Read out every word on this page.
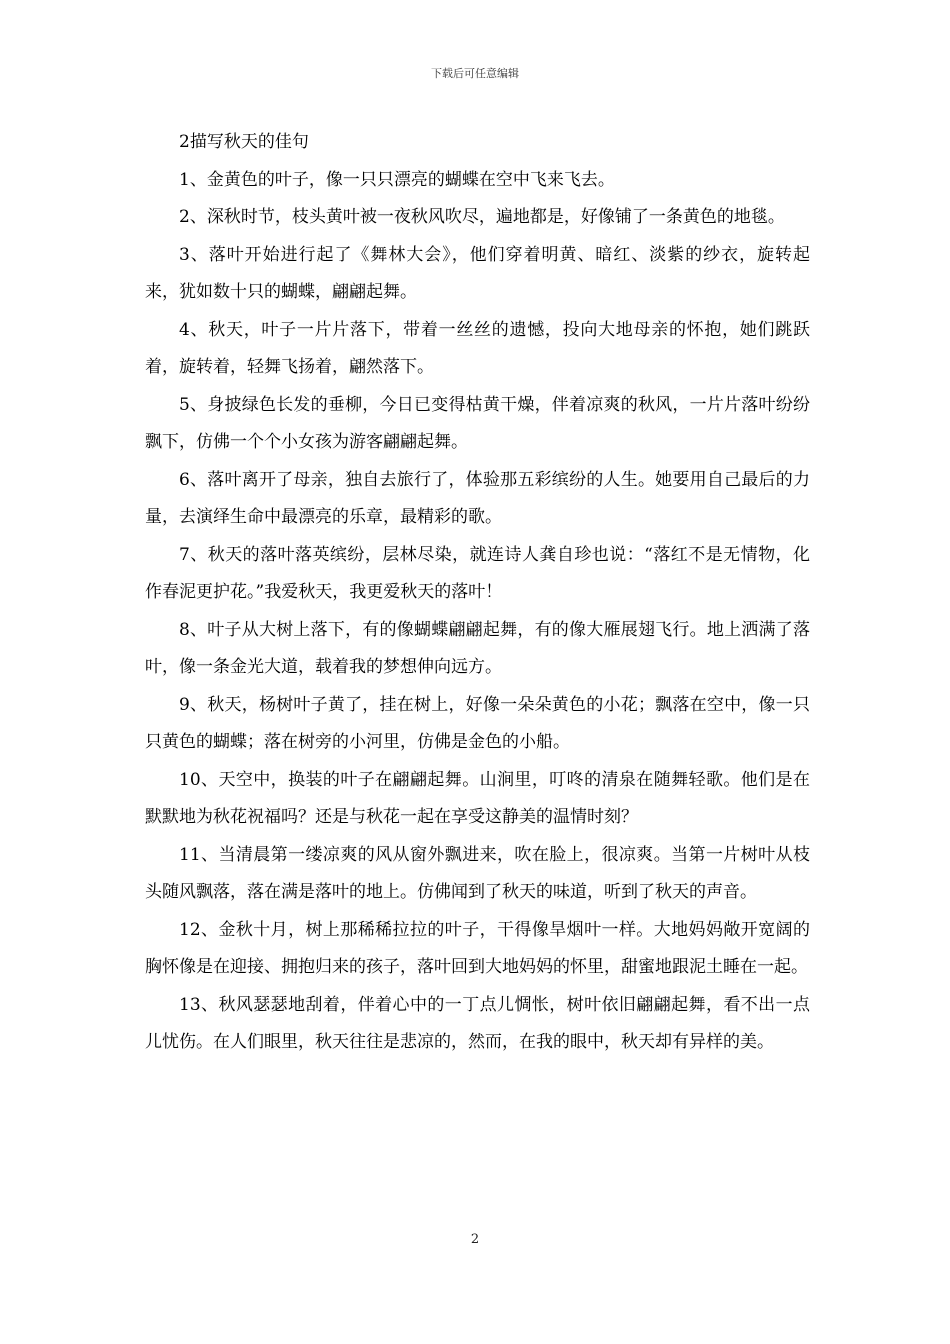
下载后可任意编辑

2描写秋天的佳句

1、金黄色的叶子，像一只只漂亮的蝴蝶在空中飞来飞去。

2、深秋时节，枝头黄叶被一夜秋风吹尽，遍地都是，好像铺了一条黄色的地毯。

3、落叶开始进行起了《舞林大会》，他们穿着明黄、暗红、淡紫的纱衣，旋转起来，犹如数十只的蝴蝶，翩翩起舞。

4、秋天，叶子一片片落下，带着一丝丝的遗憾，投向大地母亲的怀抱，她们跳跃着，旋转着，轻舞飞扬着，翩然落下。

5、身披绿色长发的垂柳，今日已变得枯黄干燥，伴着凉爽的秋风，一片片落叶纷纷飘下，仿佛一个个小女孩为游客翩翩起舞。

6、落叶离开了母亲，独自去旅行了，体验那五彩缤纷的人生。她要用自己最后的力量，去演绎生命中最漂亮的乐章，最精彩的歌。

7、秋天的落叶落英缤纷，层林尽染，就连诗人龚自珍也说：“落红不是无情物，化作春泥更护花。”我爱秋天，我更爱秋天的落叶！

8、叶子从大树上落下，有的像蝴蝶翩翩起舞，有的像大雁展翅飞行。地上洒满了落叶，像一条金光大道，载着我的梦想伸向远方。

9、秋天，杨树叶子黄了，挂在树上，好像一朵朵黄色的小花；飘落在空中，像一只只黄色的蝴蝶；落在树旁的小河里，仿佛是金色的小船。

10、天空中，换装的叶子在翩翩起舞。山涧里，叮咚的清泉在随舞轻歌。他们是在默默地为秋花祝福吗？还是与秋花一起在享受这静美的温情时刻？

11、当清晨第一缕凉爽的风从窗外飘进来，吹在脸上，很凉爽。当第一片树叶从枝头随风飘落，落在满是落叶的地上。仿佛闻到了秋天的味道，听到了秋天的声音。

12、金秋十月，树上那稀稀拉拉的叶子，干得像旱烟叶一样。大地妈妈敞开宽阔的胸怀像是在迎接、拥抱归来的孩子，落叶回到大地妈妈的怀里，甜蜜地跟泥土睡在一起。

13、秋风瑟瑟地刮着，伴着心中的一丁点儿惆怅，树叶依旧翩翩起舞，看不出一点儿忧伤。在人们眼里，秋天往往是悲凉的，然而，在我的眼中，秋天却有异样的美。

2
